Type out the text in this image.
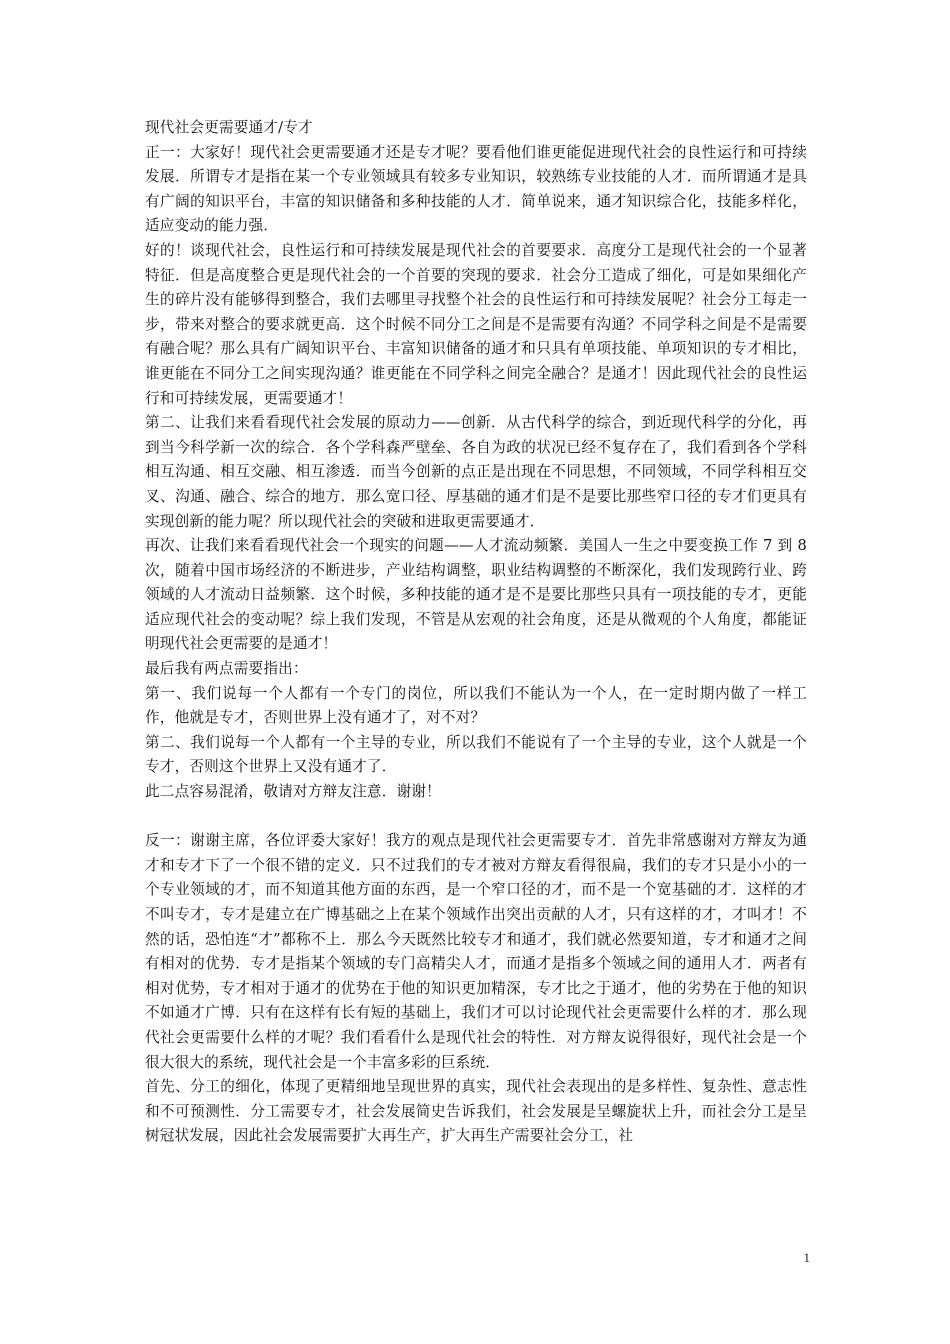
现代社会更需要通才/专才

正一：大家好！现代社会更需要通才还是专才呢？要看他们谁更能促进现代社会的良性运行和可持续发展．所谓专才是指在某一个专业领域具有较多专业知识，较熟练专业技能的人才．而所谓通才是具有广阔的知识平台，丰富的知识储备和多种技能的人才．简单说来，通才知识综合化，技能多样化，适应变动的能力强．

好的！谈现代社会，良性运行和可持续发展是现代社会的首要要求．高度分工是现代社会的一个显著特征．但是高度整合更是现代社会的一个首要的突现的要求．社会分工造成了细化，可是如果细化产生的碎片没有能够得到整合，我们去哪里寻找整个社会的良性运行和可持续发展呢？社会分工每走一步，带来对整合的要求就更高．这个时候不同分工之间是不是需要有沟通？不同学科之间是不是需要有融合呢？那么具有广阔知识平台、丰富知识储备的通才和只具有单项技能、单项知识的专才相比，谁更能在不同分工之间实现沟通？谁更能在不同学科之间完全融合？是通才！因此现代社会的良性运行和可持续发展，更需要通才！

第二、让我们来看看现代社会发展的原动力——创新．从古代科学的综合，到近现代科学的分化，再到当今科学新一次的综合．各个学科森严壁垒、各自为政的状况已经不复存在了，我们看到各个学科相互沟通、相互交融、相互渗透．而当今创新的点正是出现在不同思想，不同领域，不同学科相互交叉、沟通、融合、综合的地方．那么宽口径、厚基础的通才们是不是要比那些窄口径的专才们更具有实现创新的能力呢？所以现代社会的突破和进取更需要通才．

再次、让我们来看看现代社会一个现实的问题——人才流动频繁．美国人一生之中要变换工作 7 到 8 次，随着中国市场经济的不断进步，产业结构调整，职业结构调整的不断深化，我们发现跨行业、跨领域的人才流动日益频繁．这个时候，多种技能的通才是不是要比那些只具有一项技能的专才，更能适应现代社会的变动呢？综上我们发现，不管是从宏观的社会角度，还是从微观的个人角度，都能证明现代社会更需要的是通才！

最后我有两点需要指出：

第一、我们说每一个人都有一个专门的岗位，所以我们不能认为一个人，在一定时期内做了一样工作，他就是专才，否则世界上没有通才了，对不对？

第二、我们说每一个人都有一个主导的专业，所以我们不能说有了一个主导的专业，这个人就是一个专才，否则这个世界上又没有通才了．

此二点容易混淆，敬请对方辩友注意．谢谢！

反一：谢谢主席，各位评委大家好！我方的观点是现代社会更需要专才．首先非常感谢对方辩友为通才和专才下了一个很不错的定义．只不过我们的专才被对方辩友看得很扁，我们的专才只是小小的一个专业领域的才，而不知道其他方面的东西，是一个窄口径的才，而不是一个宽基础的才．这样的才不叫专才，专才是建立在广博基础之上在某个领域作出突出贡献的人才，只有这样的才，才叫才！不然的话，恐怕连“才”都称不上．那么今天既然比较专才和通才，我们就必然要知道，专才和通才之间有相对的优势．专才是指某个领域的专门高精尖人才，而通才是指多个领域之间的通用人才．两者有相对优势，专才相对于通才的优势在于他的知识更加精深，专才比之于通才，他的劣势在于他的知识不如通才广博．只有在这样有长有短的基础上，我们才可以讨论现代社会更需要什么样的才．那么现代社会更需要什么样的才呢？我们看看什么是现代社会的特性．对方辩友说得很好，现代社会是一个很大很大的系统，现代社会是一个丰富多彩的巨系统．

首先、分工的细化，体现了更精细地呈现世界的真实，现代社会表现出的是多样性、复杂性、意志性和不可预测性．分工需要专才，社会发展简史告诉我们，社会发展是呈螺旋状上升，而社会分工是呈树冠状发展，因此社会发展需要扩大再生产，扩大再生产需要社会分工，社

1
